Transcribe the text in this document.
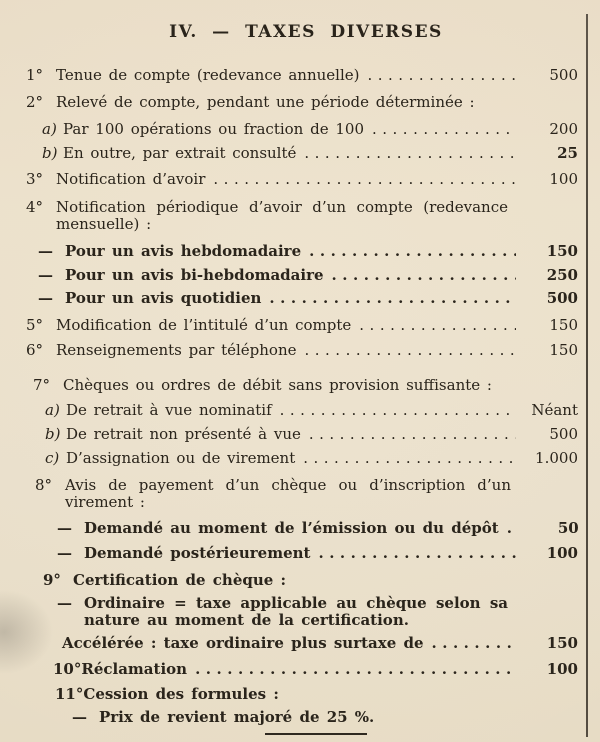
IV. — TAXES DIVERSES
1° Tenue de compte (redevance annuelle) .....	500
2° Relevé de compte, pendant une période déterminée :
a) Par 100 opérations ou fraction de 100 .....	200
b) En outre, par extrait consulté .....	25
3° Notification d’avoir .....	100
4° Notification périodique d’avoir d’un compte (redevance mensuelle) :
— Pour un avis hebdomadaire .....	150
— Pour un avis bi-hebdomadaire .....	250
— Pour un avis quotidien .....	500
5° Modification de l’intitulé d’un compte .....	150
6° Renseignements par téléphone .....	150
7° Chèques ou ordres de débit sans provision suffisante :
a) De retrait à vue nominatif .....	Néant
b) De retrait non présenté à vue .....	500
c) D’assignation ou de virement .....	1.000
8° Avis de payement d’un chèque ou d’inscription d’un virement :
— Demandé au moment de l’émission ou du dépôt .....	50
— Demandé postérieurement .....	100
9° Certification de chèque :
— Ordinaire = taxe applicable au chèque selon sa nature au moment de la certification.
Accélérée : taxe ordinaire plus surtaxe de .....	150
10° Réclamation .....	100
11° Cession des formules :
— Prix de revient majoré de 25 %.
